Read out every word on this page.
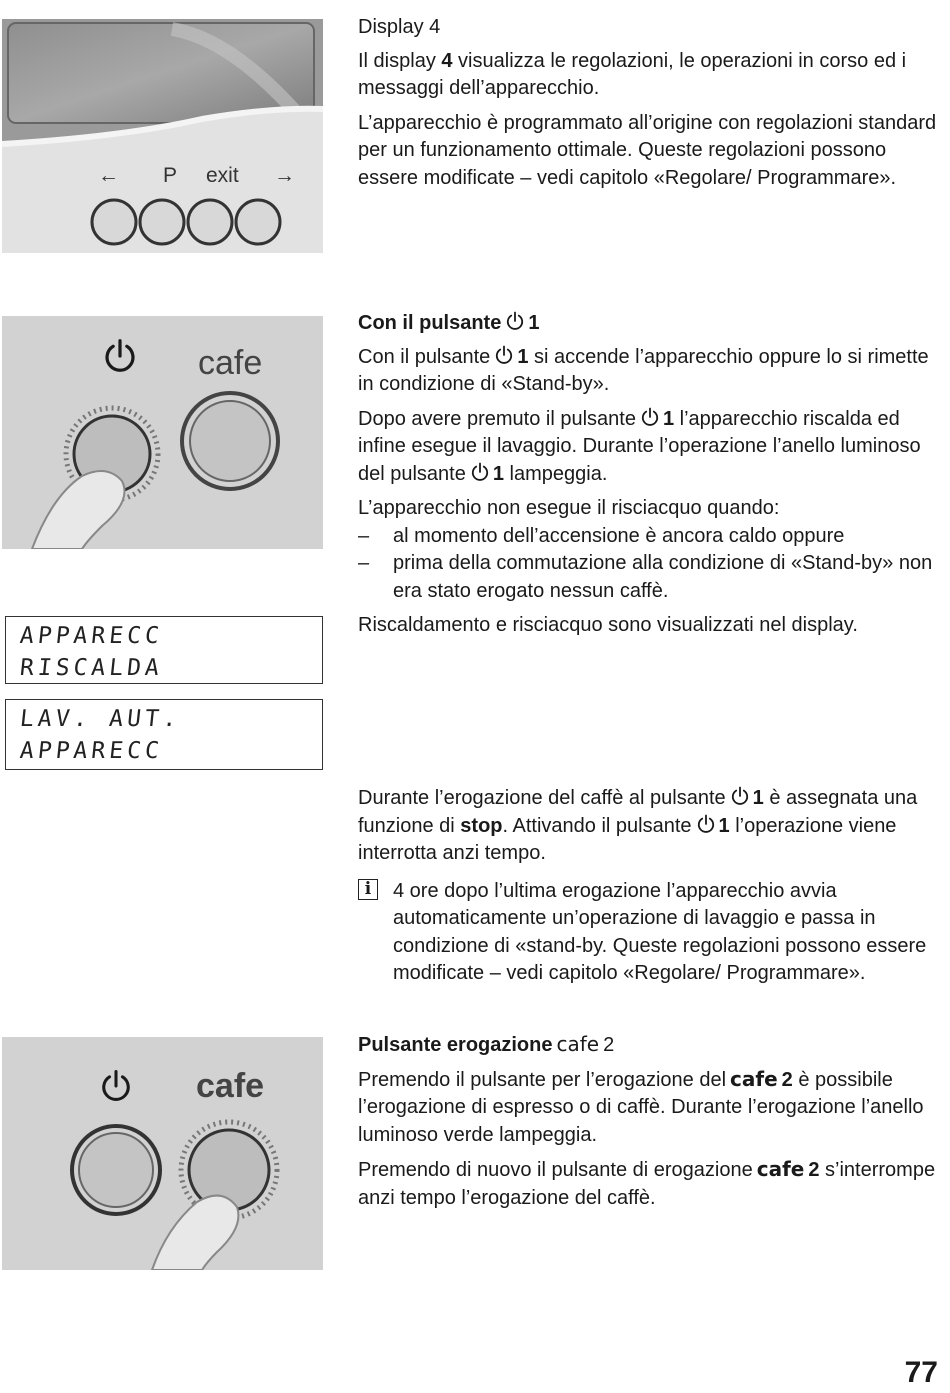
← P exit →
Display 4

Il display 4 visualizza le regolazioni, le operazioni in corso ed i messaggi dell’apparecchio.

L’apparecchio è programmato all’origine con regolazioni standard per un funzionamento ottimale. Queste regolazioni possono essere modificate – vedi capitolo «Regolare/ Programmare».

cafe
Con il pulsante 1

Con il pulsante 1 si accende l’apparecchio oppure lo si rimette in condizione di «Stand-by».

Dopo avere premuto il pulsante 1 l’apparecchio riscalda ed infine esegue il lavaggio. Durante l’operazione l’anello luminoso del pulsante 1 lampeggia.

L’apparecchio non esegue il risciacquo quando:

– al momento dell’accensione è ancora caldo oppure
– prima della commutazione alla condizione di «Stand-by» non era stato erogato nessun caffè.

Riscaldamento e risciacquo sono visualizzati nel display.

APPARECC
RISCALDA
LAV. AUT.
APPARECC

Durante l’erogazione del caffè al pulsante 1 è assegnata una funzione di stop. Attivando il pulsante 1 l’operazione viene interrotta anzi tempo.

i	4 ore dopo l’ultima erogazione l’apparecchio avvia automaticamente un’operazione di lavaggio e passa in condizione di «stand-by. Queste regolazioni possono essere modificate – vedi capitolo «Regolare/ Programmare».
cafe
Pulsante erogazione cafe 2

Premendo il pulsante per l’erogazione del cafe 2 è possibile l’erogazione di espresso o di caffè. Durante l’erogazione l’anello luminoso verde lampeggia.

Premendo di nuovo il pulsante di erogazione cafe 2 s’interrompe anzi tempo l’erogazione del caffè.

77
